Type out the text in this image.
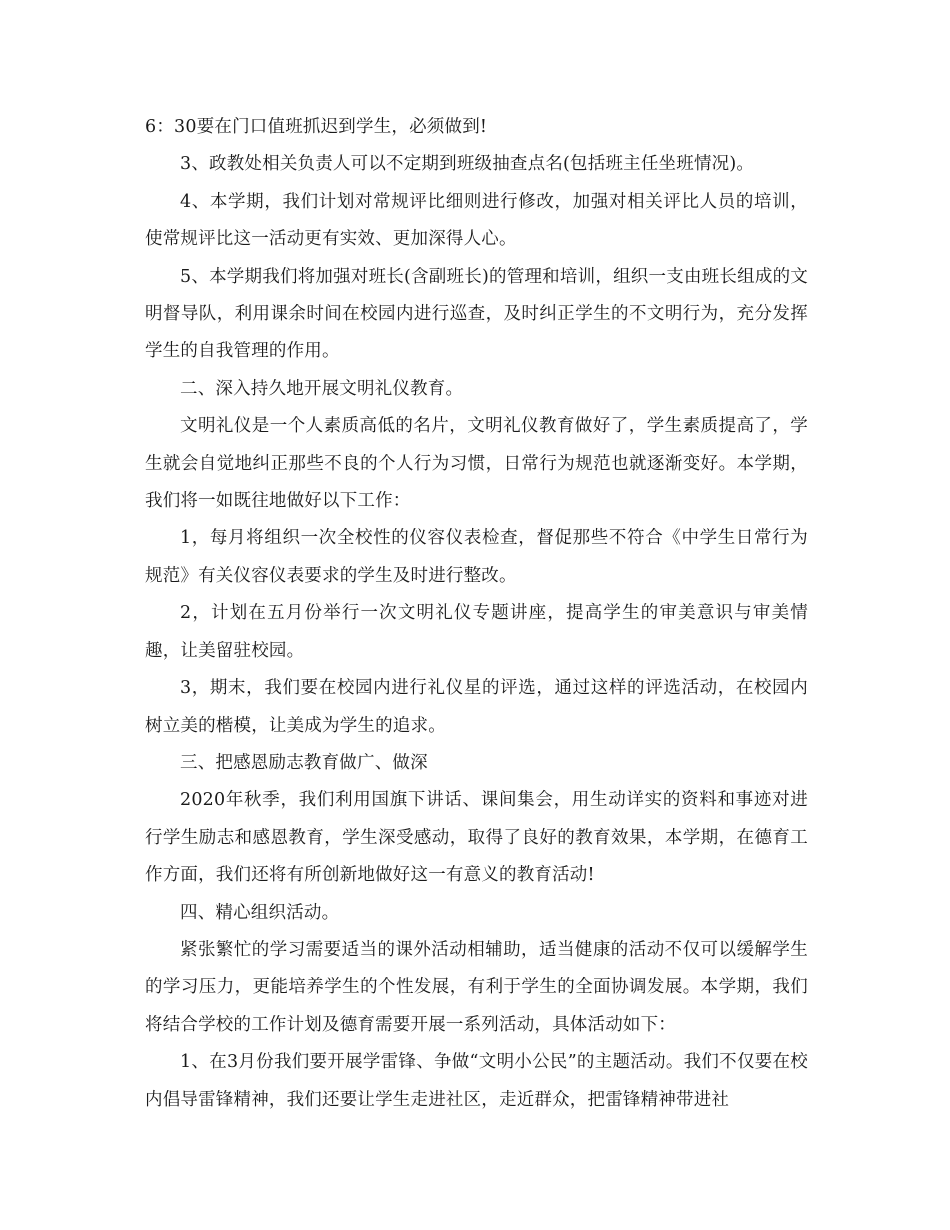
6：30要在门口值班抓迟到学生，必须做到!

3、政教处相关负责人可以不定期到班级抽查点名(包括班主任坐班情况)。

4、本学期，我们计划对常规评比细则进行修改，加强对相关评比人员的培训，使常规评比这一活动更有实效、更加深得人心。

5、本学期我们将加强对班长(含副班长)的管理和培训，组织一支由班长组成的文明督导队，利用课余时间在校园内进行巡查，及时纠正学生的不文明行为，充分发挥学生的自我管理的作用。

二、深入持久地开展文明礼仪教育。

文明礼仪是一个人素质高低的名片，文明礼仪教育做好了，学生素质提高了，学生就会自觉地纠正那些不良的个人行为习惯，日常行为规范也就逐渐变好。本学期，我们将一如既往地做好以下工作：

1，每月将组织一次全校性的仪容仪表检查，督促那些不符合《中学生日常行为规范》有关仪容仪表要求的学生及时进行整改。

2，计划在五月份举行一次文明礼仪专题讲座，提高学生的审美意识与审美情趣，让美留驻校园。

3，期末，我们要在校园内进行礼仪星的评选，通过这样的评选活动，在校园内树立美的楷模，让美成为学生的追求。

三、把感恩励志教育做广、做深

2020年秋季，我们利用国旗下讲话、课间集会，用生动详实的资料和事迹对进行学生励志和感恩教育，学生深受感动，取得了良好的教育效果，本学期，在德育工作方面，我们还将有所创新地做好这一有意义的教育活动!

四、精心组织活动。

紧张繁忙的学习需要适当的课外活动相辅助，适当健康的活动不仅可以缓解学生的学习压力，更能培养学生的个性发展，有利于学生的全面协调发展。本学期，我们将结合学校的工作计划及德育需要开展一系列活动，具体活动如下：

1、在3月份我们要开展学雷锋、争做“文明小公民”的主题活动。我们不仅要在校内倡导雷锋精神，我们还要让学生走进社区，走近群众，把雷锋精神带进社
